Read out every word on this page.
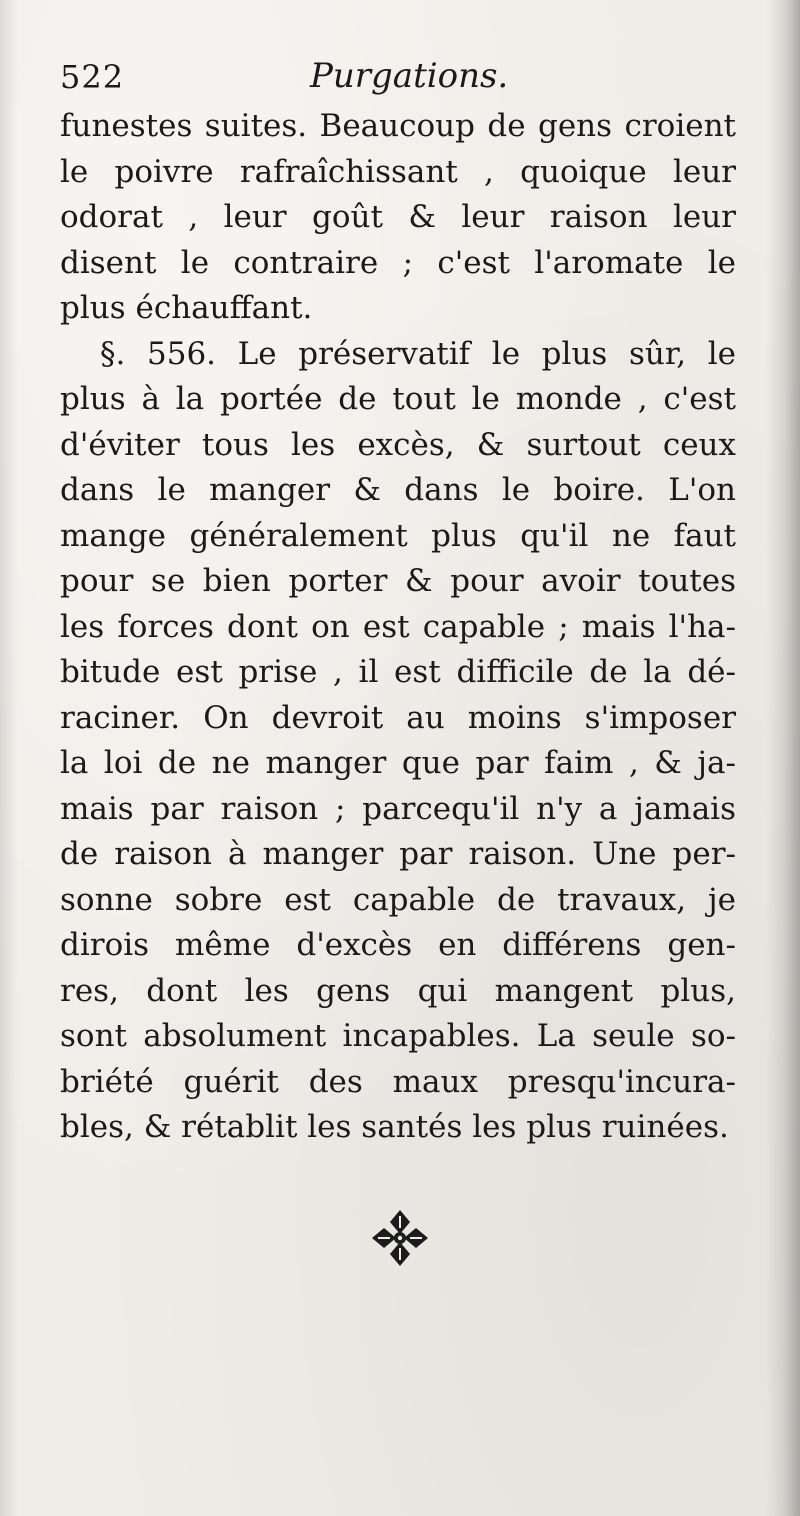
522	Purgations.
funestes suites. Beaucoup de gens croient
le poivre rafraîchissant , quoique leur
odorat , leur goût & leur raison leur
disent le contraire ; c'est l'aromate le
plus échauffant.
§. 556. Le préservatif le plus sûr, le
plus à la portée de tout le monde , c'est
d'éviter tous les excès, & surtout ceux
dans le manger & dans le boire. L'on
mange généralement plus qu'il ne faut
pour se bien porter & pour avoir toutes
les forces dont on est capable ; mais l'ha-
bitude est prise , il est difficile de la dé-
raciner. On devroit au moins s'imposer
la loi de ne manger que par faim , & ja-
mais par raison ; parcequ'il n'y a jamais
de raison à manger par raison. Une per-
sonne sobre est capable de travaux, je
dirois même d'excès en différens gen-
res, dont les gens qui mangent plus,
sont absolument incapables. La seule so-
briété guérit des maux presqu'incura-
bles, & rétablit les santés les plus ruinées.
